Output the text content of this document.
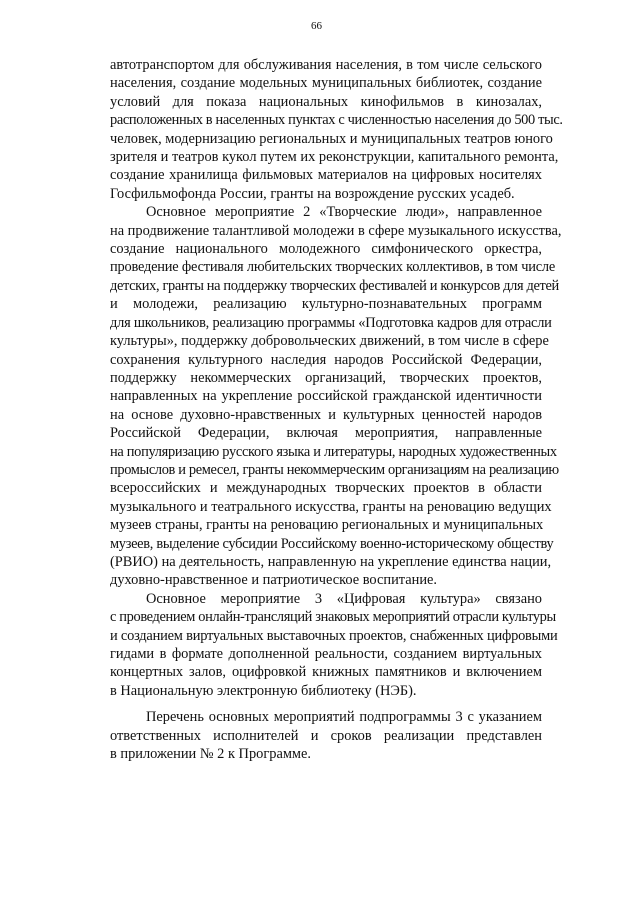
66
автотранспортом для обслуживания населения, в том числе сельского
населения, создание модельных муниципальных библиотек, создание
условий для показа национальных кинофильмов в кинозалах,
расположенных в населенных пунктах с численностью населения до 500 тыс.
человек, модернизацию региональных и муниципальных театров юного
зрителя и театров кукол путем их реконструкции, капитального ремонта,
создание хранилища фильмовых материалов на цифровых носителях
Госфильмофонда России, гранты на возрождение русских усадеб.
Основное мероприятие 2 «Творческие люди», направленное
на продвижение талантливой молодежи в сфере музыкального искусства,
создание национального молодежного симфонического оркестра,
проведение фестиваля любительских творческих коллективов, в том числе
детских, гранты на поддержку творческих фестивалей и конкурсов для детей
и молодежи, реализацию культурно-познавательных программ
для школьников, реализацию программы «Подготовка кадров для отрасли
культуры», поддержку добровольческих движений, в том числе в сфере
сохранения культурного наследия народов Российской Федерации,
поддержку некоммерческих организаций, творческих проектов,
направленных на укрепление российской гражданской идентичности
на основе духовно-нравственных и культурных ценностей народов
Российской Федерации, включая мероприятия, направленные
на популяризацию русского языка и литературы, народных художественных
промыслов и ремесел, гранты некоммерческим организациям на реализацию
всероссийских и международных творческих проектов в области
музыкального и театрального искусства, гранты на реновацию ведущих
музеев страны, гранты на реновацию региональных и муниципальных
музеев, выделение субсидии Российскому военно-историческому обществу
(РВИО) на деятельность, направленную на укрепление единства нации,
духовно-нравственное и патриотическое воспитание.
Основное мероприятие 3 «Цифровая культура» связано
с проведением онлайн-трансляций знаковых мероприятий отрасли культуры
и созданием виртуальных выставочных проектов, снабженных цифровыми
гидами в формате дополненной реальности, созданием виртуальных
концертных залов, оцифровкой книжных памятников и включением
в Национальную электронную библиотеку (НЭБ).
Перечень основных мероприятий подпрограммы 3 с указанием
ответственных исполнителей и сроков реализации представлен
в приложении № 2 к Программе.
